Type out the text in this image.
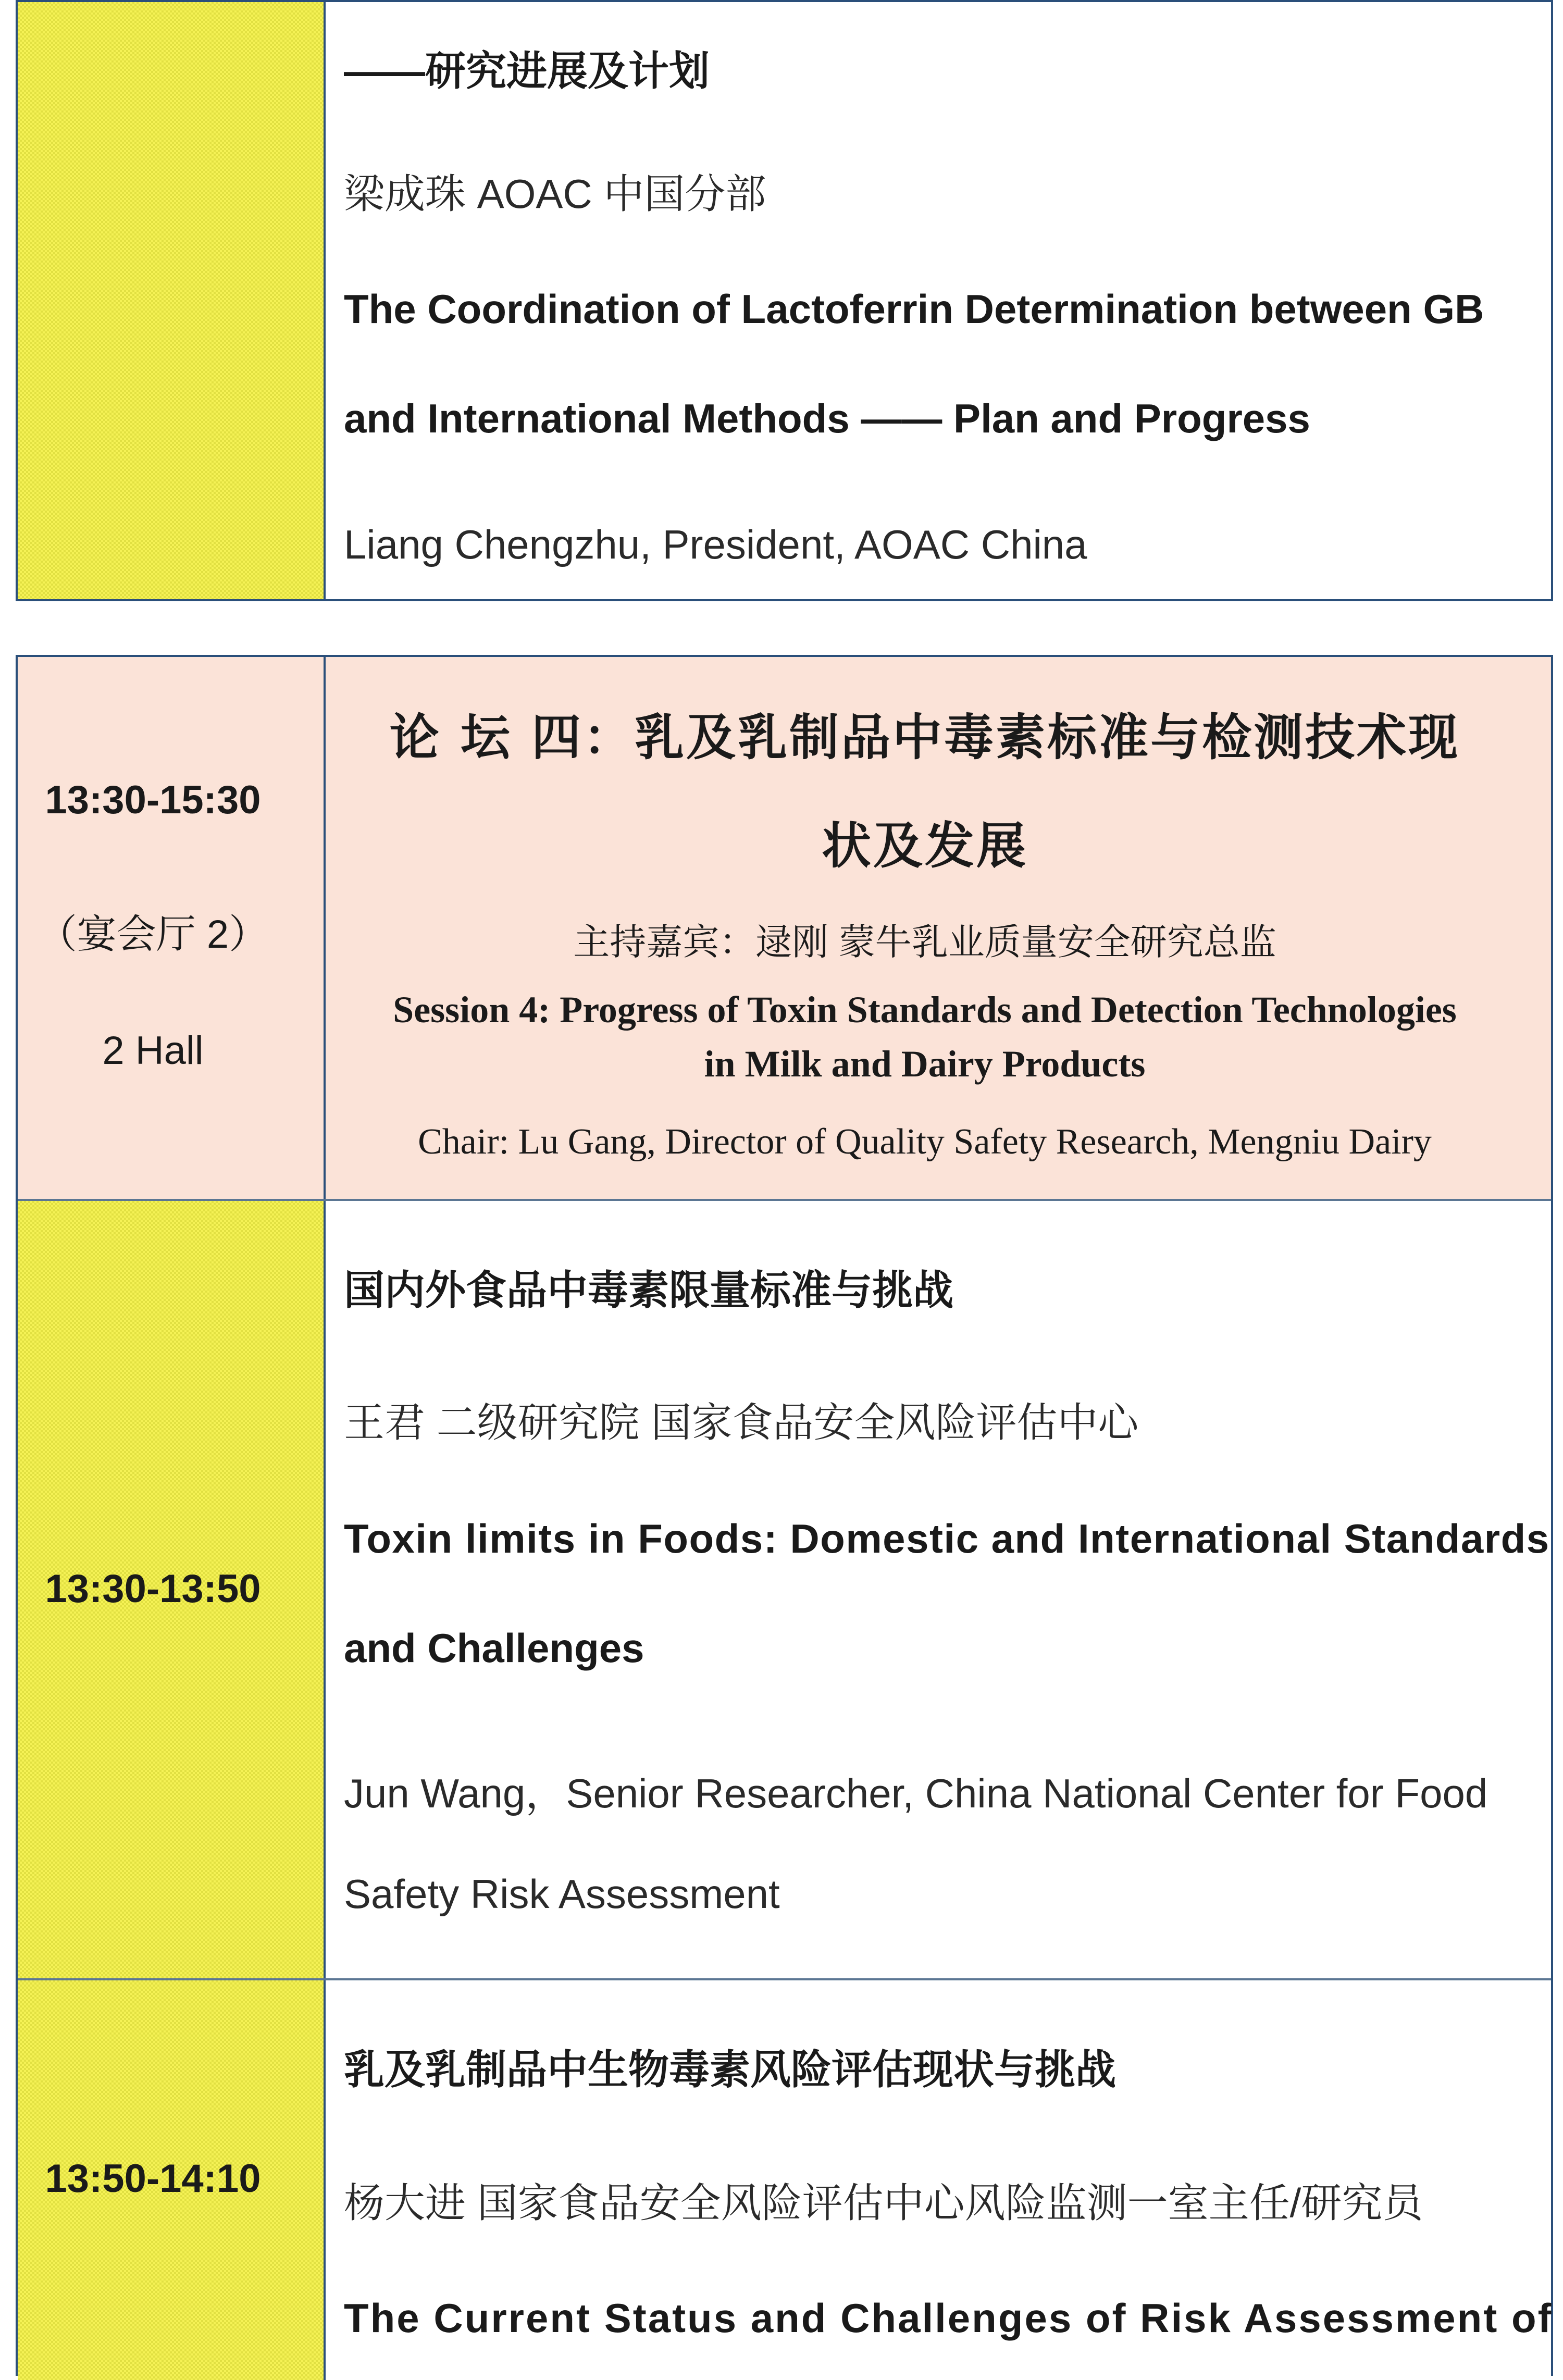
——研究进展及计划
梁成珠 AOAC 中国分部
The Coordination of Lactoferrin Determination between GB
and International Methods —— Plan and Progress
Liang Chengzhu, President, AOAC China
13:30-15:30
（宴会厅 2）
2 Hall
论 坛 四：乳及乳制品中毒素标准与检测技术现
状及发展
主持嘉宾：逯刚 蒙牛乳业质量安全研究总监
Session 4: Progress of Toxin Standards and Detection Technologies
in Milk and Dairy Products
Chair: Lu Gang, Director of Quality Safety Research, Mengniu Dairy
13:30-13:50
国内外食品中毒素限量标准与挑战
王君 二级研究院 国家食品安全风险评估中心
Toxin limits in Foods: Domestic and International Standards
and Challenges
Jun Wang，Senior Researcher, China National Center for Food
Safety Risk Assessment
13:50-14:10
乳及乳制品中生物毒素风险评估现状与挑战
杨大进 国家食品安全风险评估中心风险监测一室主任/研究员
The Current Status and Challenges of Risk Assessment of
